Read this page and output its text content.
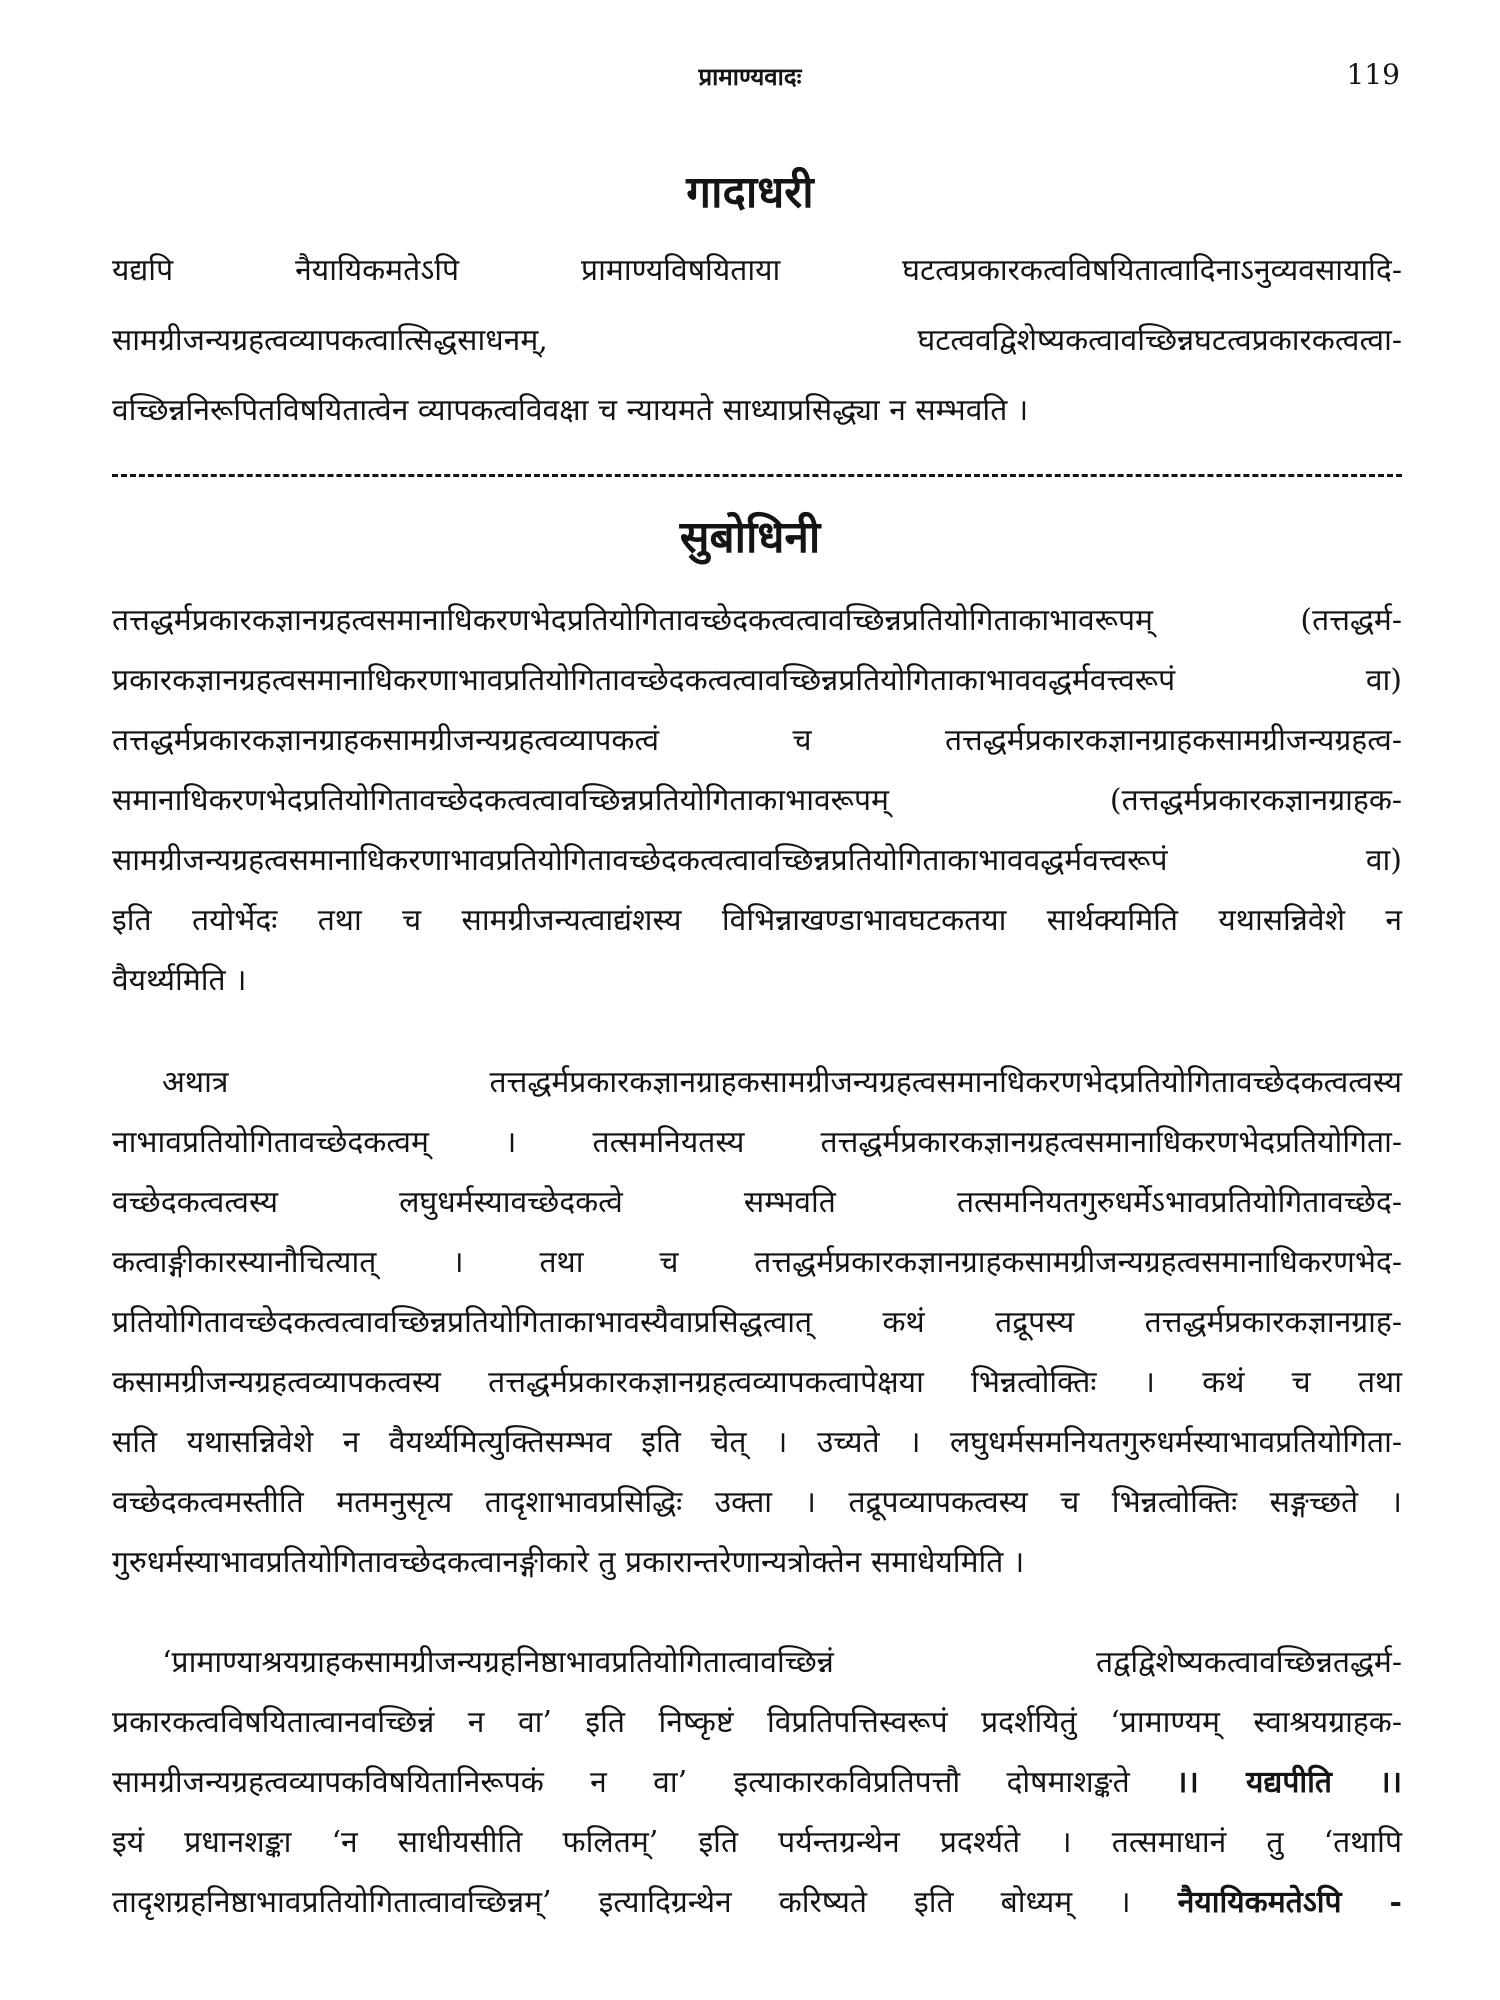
प्रामाण्यवादः	119
गादाधरी
यद्यपि नैयायिकमतेऽपि प्रामाण्यविषयिताया घटत्वप्रकारकत्वविषयितात्वादिनाऽनुव्यवसायादि-
सामग्रीजन्यग्रहत्वव्यापकत्वात्सिद्धसाधनम्, घटत्ववद्विशेष्यकत्वावच्छिन्नघटत्वप्रकारकत्वत्वा-
वच्छिन्ननिरूपितविषयितात्वेन व्यापकत्वविवक्षा च न्यायमते साध्याप्रसिद्ध्या न सम्भवति ।
सुबोधिनी
तत्तद्धर्मप्रकारकज्ञानग्रहत्वसमानाधिकरणभेदप्रतियोगितावच्छेदकत्वत्वावच्छिन्नप्रतियोगिताकाभावरूपम् (तत्तद्धर्म-
प्रकारकज्ञानग्रहत्वसमानाधिकरणाभावप्रतियोगितावच्छेदकत्वत्वावच्छिन्नप्रतियोगिताकाभाववद्धर्मवत्त्वरूपं वा)
तत्तद्धर्मप्रकारकज्ञानग्राहकसामग्रीजन्यग्रहत्वव्यापकत्वं च तत्तद्धर्मप्रकारकज्ञानग्राहकसामग्रीजन्यग्रहत्व-
समानाधिकरणभेदप्रतियोगितावच्छेदकत्वत्वावच्छिन्नप्रतियोगिताकाभावरूपम् (तत्तद्धर्मप्रकारकज्ञानग्राहक-
सामग्रीजन्यग्रहत्वसमानाधिकरणाभावप्रतियोगितावच्छेदकत्वत्वावच्छिन्नप्रतियोगिताकाभाववद्धर्मवत्त्वरूपं वा)
इति तयोर्भेदः तथा च सामग्रीजन्यत्वाद्यंशस्य विभिन्नाखण्डाभावघटकतया सार्थक्यमिति यथासन्निवेशे न
वैयर्थ्यमिति ।
अथात्र तत्तद्धर्मप्रकारकज्ञानग्राहकसामग्रीजन्यग्रहत्वसमानधिकरणभेदप्रतियोगितावच्छेदकत्वत्वस्य
नाभावप्रतियोगितावच्छेदकत्वम् । तत्समनियतस्य तत्तद्धर्मप्रकारकज्ञानग्रहत्वसमानाधिकरणभेदप्रतियोगिता-
वच्छेदकत्वत्वस्य लघुधर्मस्यावच्छेदकत्वे सम्भवति तत्समनियतगुरुधर्मेऽभावप्रतियोगितावच्छेद-
कत्वाङ्गीकारस्यानौचित्यात् । तथा च तत्तद्धर्मप्रकारकज्ञानग्राहकसामग्रीजन्यग्रहत्वसमानाधिकरणभेद-
प्रतियोगितावच्छेदकत्वत्वावच्छिन्नप्रतियोगिताकाभावस्यैवाप्रसिद्धत्वात् कथं तद्रूपस्य तत्तद्धर्मप्रकारकज्ञानग्राह-
कसामग्रीजन्यग्रहत्वव्यापकत्वस्य तत्तद्धर्मप्रकारकज्ञानग्रहत्वव्यापकत्वापेक्षया भिन्नत्वोक्तिः । कथं च तथा
सति यथासन्निवेशे न वैयर्थ्यमित्युक्तिसम्भव इति चेत् । उच्यते । लघुधर्मसमनियतगुरुधर्मस्याभावप्रतियोगिता-
वच्छेदकत्वमस्तीति मतमनुसृत्य तादृशाभावप्रसिद्धिः उक्ता । तद्रूपव्यापकत्वस्य च भिन्नत्वोक्तिः सङ्गच्छते ।
गुरुधर्मस्याभावप्रतियोगितावच्छेदकत्वानङ्गीकारे तु प्रकारान्तरेणान्यत्रोक्तेन समाधेयमिति ।
‘प्रामाण्याश्रयग्राहकसामग्रीजन्यग्रहनिष्ठाभावप्रतियोगितात्वावच्छिन्नं तद्वद्विशेष्यकत्वावच्छिन्नतद्धर्म-
प्रकारकत्वविषयितात्वानवच्छिन्नं न वा’ इति निष्कृष्टं विप्रतिपत्तिस्वरूपं प्रदर्शयितुं ‘प्रामाण्यम् स्वाश्रयग्राहक-
सामग्रीजन्यग्रहत्वव्यापकविषयितानिरूपकं न वा’ इत्याकारकविप्रतिपत्तौ दोषमाशङ्कते ।। यद्यपीति ।।
इयं प्रधानशङ्का ‘न साधीयसीति फलितम्’ इति पर्यन्तग्रन्थेन प्रदर्श्यते । तत्समाधानं तु ‘तथापि
तादृशग्रहनिष्ठाभावप्रतियोगितात्वावच्छिन्नम्’ इत्यादिग्रन्थेन करिष्यते इति बोध्यम् । नैयायिकमतेऽपि -
